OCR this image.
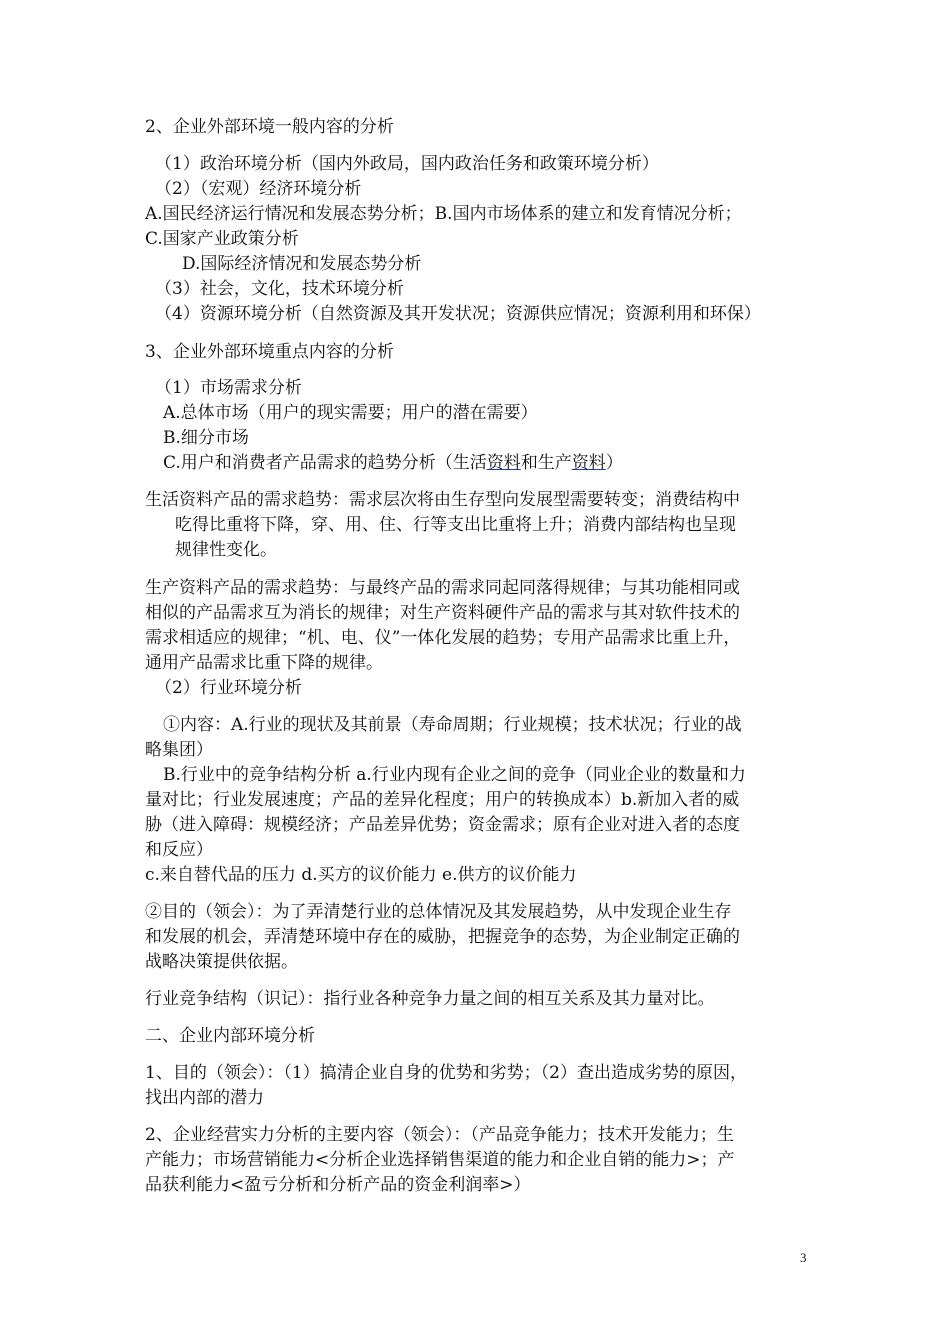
2、企业外部环境一般内容的分析
（1）政治环境分析（国内外政局，国内政治任务和政策环境分析）
（2）（宏观）经济环境分析
A.国民经济运行情况和发展态势分析；B.国内市场体系的建立和发育情况分析；
C.国家产业政策分析
D.国际经济情况和发展态势分析
（3）社会，文化，技术环境分析
（4）资源环境分析（自然资源及其开发状况；资源供应情况；资源利用和环保）
3、企业外部环境重点内容的分析
（1）市场需求分析
A.总体市场（用户的现实需要；用户的潜在需要）
B.细分市场
C.用户和消费者产品需求的趋势分析（生活资料和生产资料）
生活资料产品的需求趋势：需求层次将由生存型向发展型需要转变；消费结构中
吃得比重将下降，穿、用、住、行等支出比重将上升；消费内部结构也呈现
规律性变化。
生产资料产品的需求趋势：与最终产品的需求同起同落得规律；与其功能相同或
相似的产品需求互为消长的规律；对生产资料硬件产品的需求与其对软件技术的
需求相适应的规律；“机、电、仪”一体化发展的趋势；专用产品需求比重上升，
通用产品需求比重下降的规律。
（2）行业环境分析
①内容：A.行业的现状及其前景（寿命周期；行业规模；技术状况；行业的战
略集团）
B.行业中的竞争结构分析 a.行业内现有企业之间的竞争（同业企业的数量和力
量对比；行业发展速度；产品的差异化程度；用户的转换成本）b.新加入者的威
胁（进入障碍：规模经济；产品差异优势；资金需求；原有企业对进入者的态度
和反应）
c.来自替代品的压力 d.买方的议价能力 e.供方的议价能力
②目的（领会）：为了弄清楚行业的总体情况及其发展趋势，从中发现企业生存
和发展的机会，弄清楚环境中存在的威胁，把握竞争的态势，为企业制定正确的
战略决策提供依据。
行业竞争结构（识记）：指行业各种竞争力量之间的相互关系及其力量对比。
二、企业内部环境分析
1、目的（领会）：（1）搞清企业自身的优势和劣势；（2）查出造成劣势的原因，
找出内部的潜力
2、企业经营实力分析的主要内容（领会）：（产品竞争能力；技术开发能力；生
产能力；市场营销能力<分析企业选择销售渠道的能力和企业自销的能力>；产
品获利能力<盈亏分析和分析产品的资金利润率>）
3
